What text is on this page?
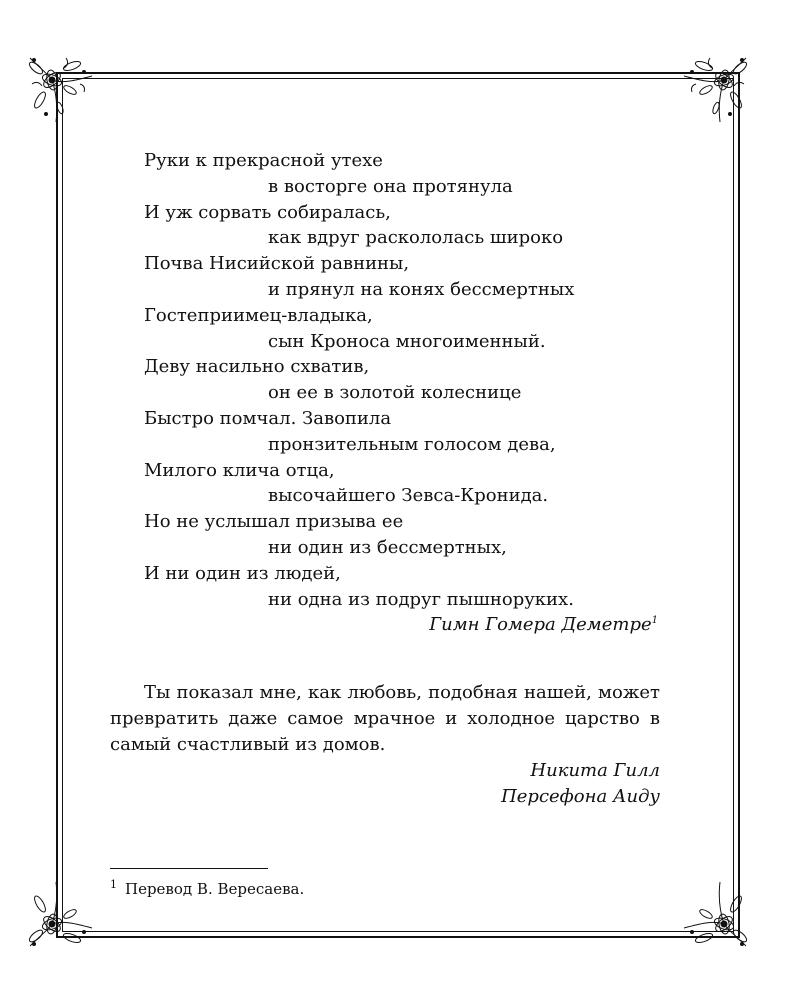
Руки к прекрасной утехе
в восторге она протянула
И уж сорвать собиралась,
как вдруг раскололась широко
Почва Нисийской равнины,
и прянул на конях бессмертных
Гостеприимец-владыка,
сын Кроноса многоименный.
Деву насильно схватив,
он ее в золотой колеснице
Быстро помчал. Завопила
пронзительным голосом дева,
Милого клича отца,
высочайшего Зевса-Кронида.
Но не услышал призыва ее
ни один из бессмертных,
И ни один из людей,
ни одна из подруг пышноруких.
Гимн Гомера Деметре$^1$
Ты показал мне, как любовь, подобная нашей, может превратить даже самое мрачное и холодное царство в самый счастливый из домов.
Никита Гилл
Персефона Аиду
$^1$ Перевод В. Вересаева.
